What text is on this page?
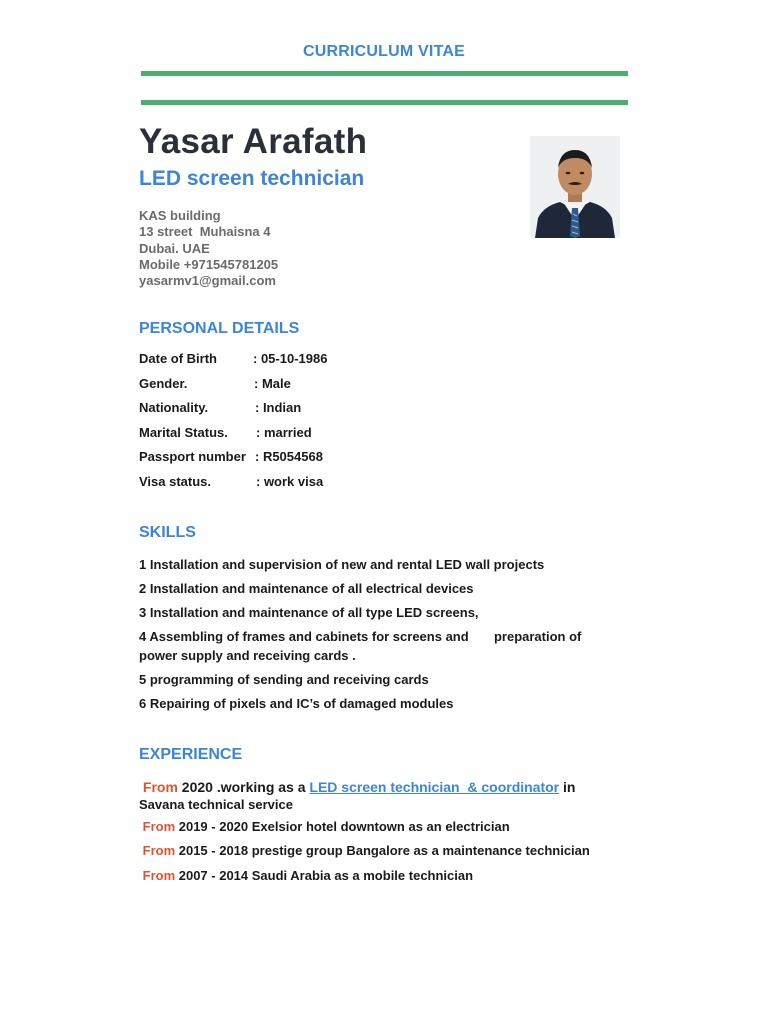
CURRICULUM VITAE
Yasar Arafath
LED screen technician
KAS building
13 street  Muhaisna 4
Dubai. UAE
Mobile +971545781205
yasarmv1@gmail.com
PERSONAL DETAILS
Date of Birth	: 05-10-1986
Gender.	: Male
Nationality.	: Indian
Marital Status. : married
Passport number : R5054568
Visa status.	: work visa
SKILLS
1 Installation and supervision of new and rental LED wall projects
2 Installation and maintenance of all electrical devices
3 Installation and maintenance of all type LED screens,
4 Assembling of frames and cabinets for screens and       preparation of
power supply and receiving cards .
5 programming of sending and receiving cards
6 Repairing of pixels and IC’s of damaged modules
EXPERIENCE
From 2020 .working as a LED screen technician  & coordinator in
Savana technical service
From 2019 - 2020 Exelsior hotel downtown as an electrician
From 2015 - 2018 prestige group Bangalore as a maintenance technician
From 2007 - 2014 Saudi Arabia as a mobile technician
